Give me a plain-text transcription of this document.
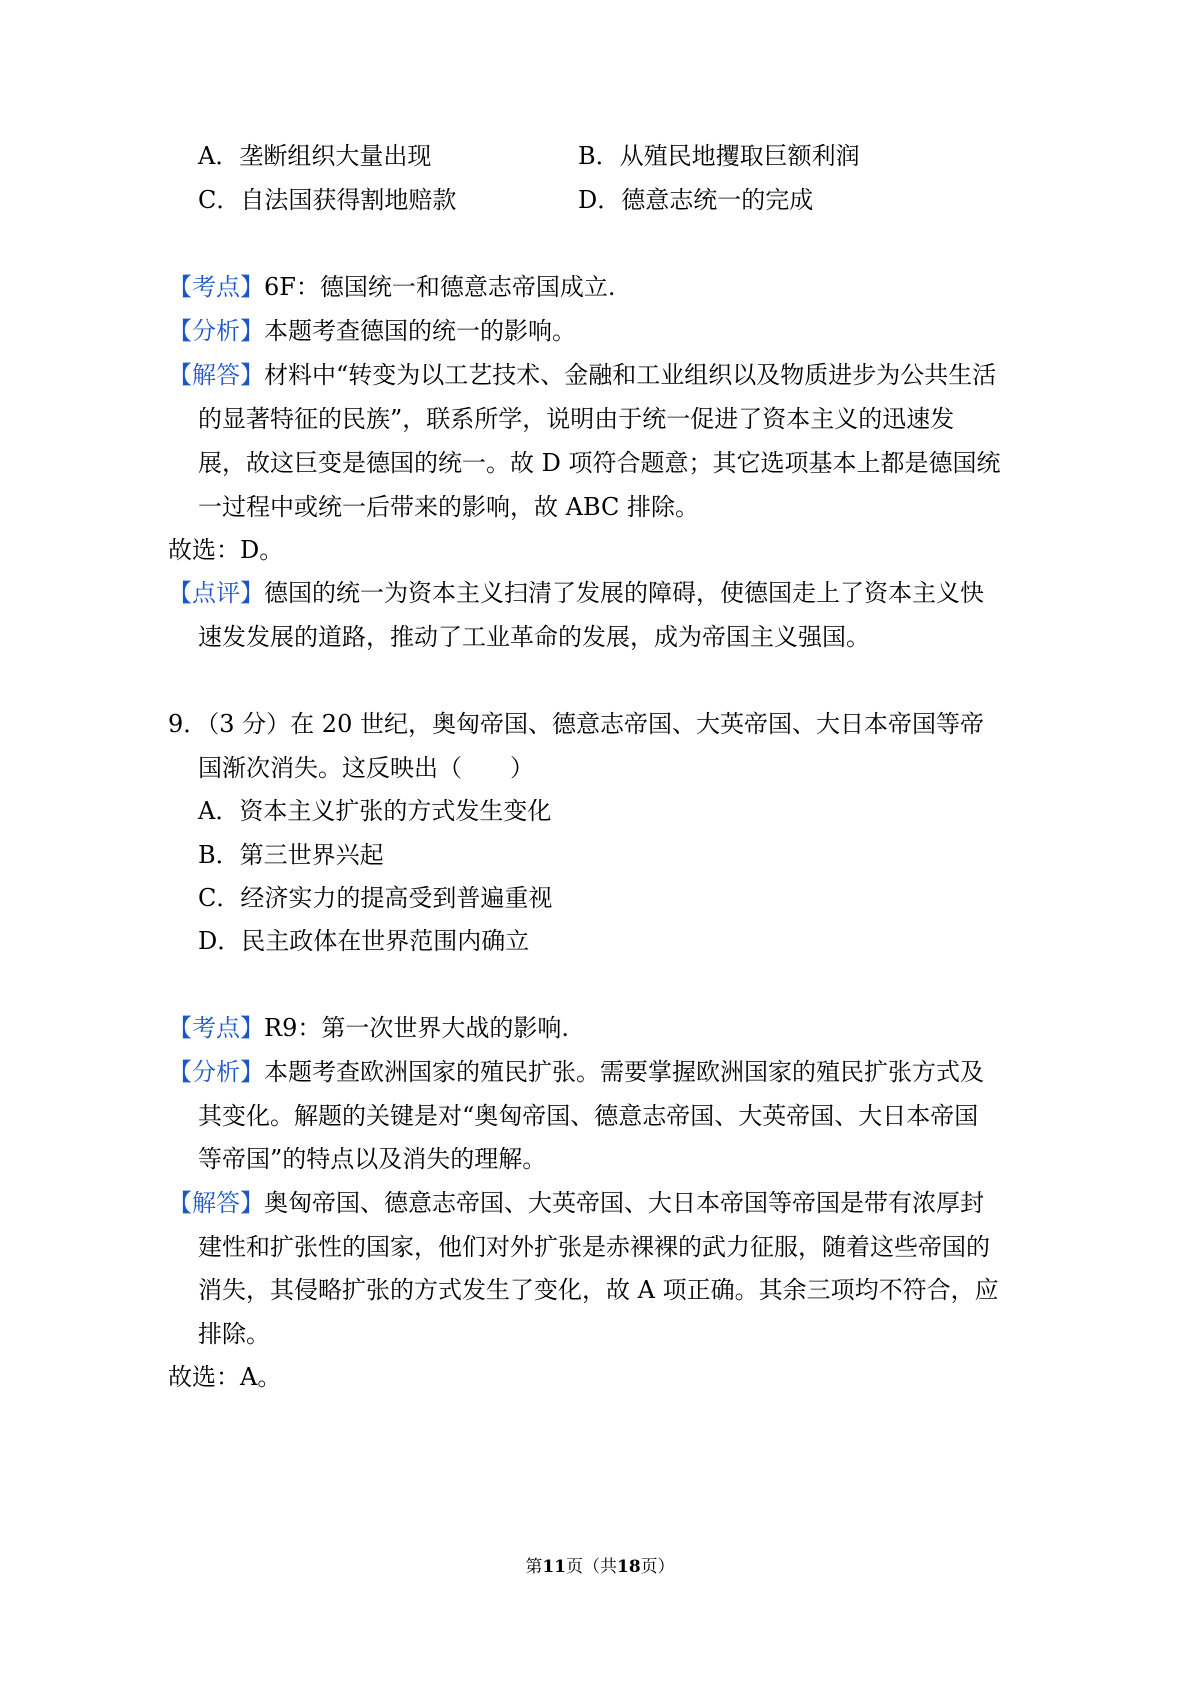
A．垄断组织大量出现	B．从殖民地攫取巨额利润
C．自法国获得割地赔款	D．德意志统一的完成
【考点】6F：德国统一和德意志帝国成立.
【分析】本题考查德国的统一的影响。
【解答】材料中“转变为以工艺技术、金融和工业组织以及物质进步为公共生活
的显著特征的民族”，联系所学，说明由于统一促进了资本主义的迅速发
展，故这巨变是德国的统一。故 D 项符合题意；其它选项基本上都是德国统
一过程中或统一后带来的影响，故 ABC 排除。
故选：D。
【点评】德国的统一为资本主义扫清了发展的障碍，使德国走上了资本主义快
速发发展的道路，推动了工业革命的发展，成为帝国主义强国。
9．（3 分）在 20 世纪，奥匈帝国、德意志帝国、大英帝国、大日本帝国等帝
国渐次消失。这反映出（　　）
A．资本主义扩张的方式发生变化
B．第三世界兴起
C．经济实力的提高受到普遍重视
D．民主政体在世界范围内确立
【考点】R9：第一次世界大战的影响.
【分析】本题考查欧洲国家的殖民扩张。需要掌握欧洲国家的殖民扩张方式及
其变化。解题的关键是对“奥匈帝国、德意志帝国、大英帝国、大日本帝国
等帝国”的特点以及消失的理解。
【解答】奥匈帝国、德意志帝国、大英帝国、大日本帝国等帝国是带有浓厚封
建性和扩张性的国家，他们对外扩张是赤裸裸的武力征服，随着这些帝国的
消失，其侵略扩张的方式发生了变化，故 A 项正确。其余三项均不符合，应
排除。
故选：A。
第11页（共18页）
